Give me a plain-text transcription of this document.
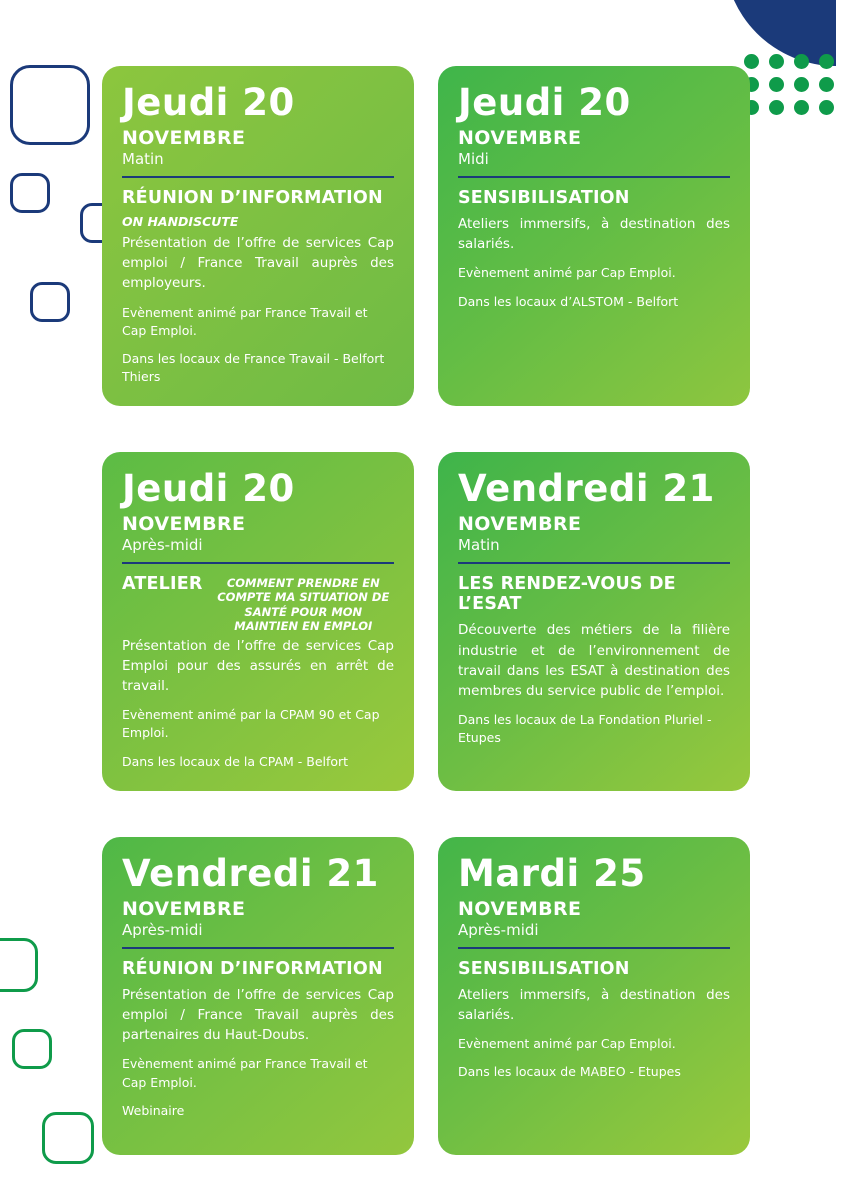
Jeudi 20
NOVEMBRE
Matin
RÉUNION D’INFORMATION
ON HANDISCUTE
Présentation de l’offre de services Cap emploi / France Travail auprès des employeurs.
Evènement animé par France Travail et Cap Emploi.
Dans les locaux de France Travail - Belfort Thiers
Jeudi 20
NOVEMBRE
Midi
SENSIBILISATION
Ateliers immersifs, à destination des salariés.
Evènement animé par Cap Emploi.
Dans les locaux d’ALSTOM - Belfort
Jeudi 20
NOVEMBRE
Après-midi
ATELIER	COMMENT PRENDRE EN COMPTE MA SITUATION DE SANTÉ POUR MON MAINTIEN EN EMPLOI
Présentation de l’offre de services Cap Emploi pour des assurés en arrêt de travail.
Evènement animé par la CPAM 90 et Cap Emploi.
Dans les locaux de la CPAM - Belfort
Vendredi 21
NOVEMBRE
Matin
LES RENDEZ-VOUS DE L’ESAT
Découverte des métiers de la filière industrie et de l’environnement de travail dans les ESAT à destination des membres du service public de l’emploi.
Dans les locaux de La Fondation Pluriel - Etupes
Vendredi 21
NOVEMBRE
Après-midi
RÉUNION D’INFORMATION
Présentation de l’offre de services Cap emploi / France Travail auprès des partenaires du Haut-Doubs.
Evènement animé par France Travail et Cap Emploi.
Webinaire
Mardi 25
NOVEMBRE
Après-midi
SENSIBILISATION
Ateliers immersifs, à destination des salariés.
Evènement animé par Cap Emploi.
Dans les locaux de MABEO - Etupes
